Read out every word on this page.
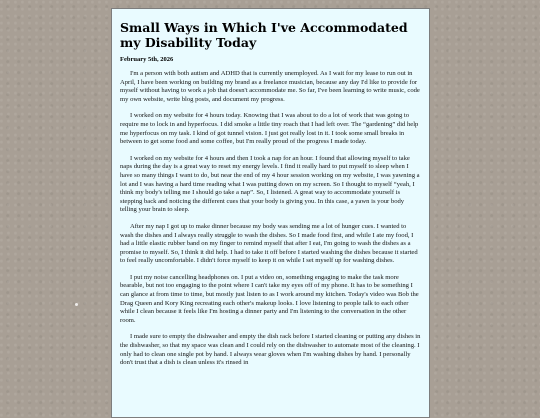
Small Ways in Which I've Accommodated my Disability Today
February 5th, 2026

I'm a person with both autism and ADHD that is currently unemployed. As I wait for my lease to run out in April, I have been working on building my brand as a freelance musician, because any day I'd like to provide for myself without having to work a job that doesn't accommodate me. So far, I've been learning to write music, code my own website, write blog posts, and document my progress.

I worked on my website for 4 hours today. Knowing that I was about to do a lot of work that was going to require me to lock in and hyperfocus. I did smoke a little tiny roach that I had left over. The “gardening” did help me hyperfocus on my task. I kind of got tunnel vision. I just got really lost in it. I took some small breaks in between to get some food and some coffee, but I'm really proud of the progress I made today.

I worked on my website for 4 hours and then I took a nap for an hour. I found that allowing myself to take naps during the day is a great way to reset my energy levels. I find it really hard to put myself to sleep when I have so many things I want to do, but near the end of my 4 hour session working on my website, I was yawning a lot and I was having a hard time reading what I was putting down on my screen. So I thought to myself “yeah, I think my body's telling me I should go take a nap”. So, I listened. A great way to accommodate yourself is stepping back and noticing the different cues that your body is giving you. In this case, a yawn is your body telling your brain to sleep.

After my nap I got up to make dinner because my body was sending me a lot of hunger cues. I wanted to wash the dishes and I always really struggle to wash the dishes. So I made food first, and while I ate my food, I had a little elastic rubber band on my finger to remind myself that after I eat, I'm going to wash the dishes as a promise to myself. So, I think it did help. I had to take it off before I started washing the dishes because it started to feel really uncomfortable. I didn't force myself to keep it on while I set myself up for washing dishes.

I put my noise cancelling headphones on. I put a video on, something engaging to make the task more bearable, but not too engaging to the point where I can't take my eyes off of my phone. It has to be something I can glance at from time to time, but mostly just listen to as I work around my kitchen. Today's video was Bob the Drag Queen and Kory King recreating each other's makeup looks. I love listening to people talk to each other while I clean because it feels like I'm hosting a dinner party and I'm listening to the conversation in the other room.

I made sure to empty the dishwasher and empty the dish rack before I started cleaning or putting any dishes in the dishwasher, so that my space was clean and I could rely on the dishwasher to automate most of the cleaning. I only had to clean one single pot by hand. I always wear gloves when I'm washing dishes by hand. I personally don't trust that a dish is clean unless it's rinsed in
